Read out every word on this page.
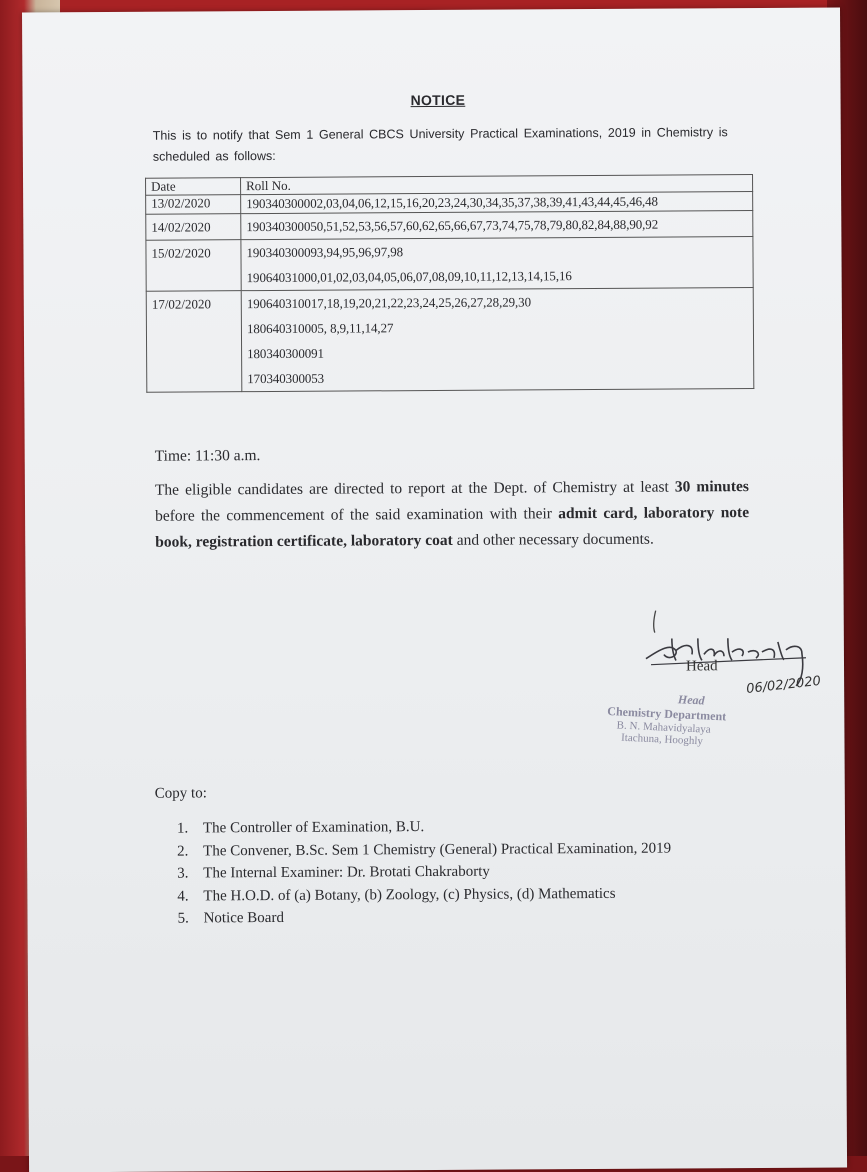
NOTICE
This is to notify that Sem 1 General CBCS University Practical Examinations, 2019 in Chemistry is scheduled as follows:
Date	Roll No.
13/02/2020	190340300002,03,04,06,12,15,16,20,23,24,30,34,35,37,38,39,41,43,44,45,46,48

14/02/2020	190340300050,51,52,53,56,57,60,62,65,66,67,73,74,75,78,79,80,82,84,88,90,92

15/02/2020	190340300093,94,95,96,97,98
19064031000,01,02,03,04,05,06,07,08,09,10,11,12,13,14,15,16

17/02/2020	190640310017,18,19,20,21,22,23,24,25,26,27,28,29,30
180640310005, 8,9,11,14,27
180340300091
170340300053
Time: 11:30 a.m.
The eligible candidates are directed to report at the Dept. of Chemistry at least 30 minutes before the commencement of the said examination with their admit card, laboratory note book, registration certificate, laboratory coat and other necessary documents.
Head
06/02/2020
Head
Chemistry Department
B. N. Mahavidyalaya
Itachuna, Hooghly
Copy to:
1. The Controller of Examination, B.U.
2. The Convener, B.Sc. Sem 1 Chemistry (General) Practical Examination, 2019
3. The Internal Examiner: Dr. Brotati Chakraborty
4. The H.O.D. of (a) Botany, (b) Zoology, (c) Physics, (d) Mathematics
5. Notice Board
